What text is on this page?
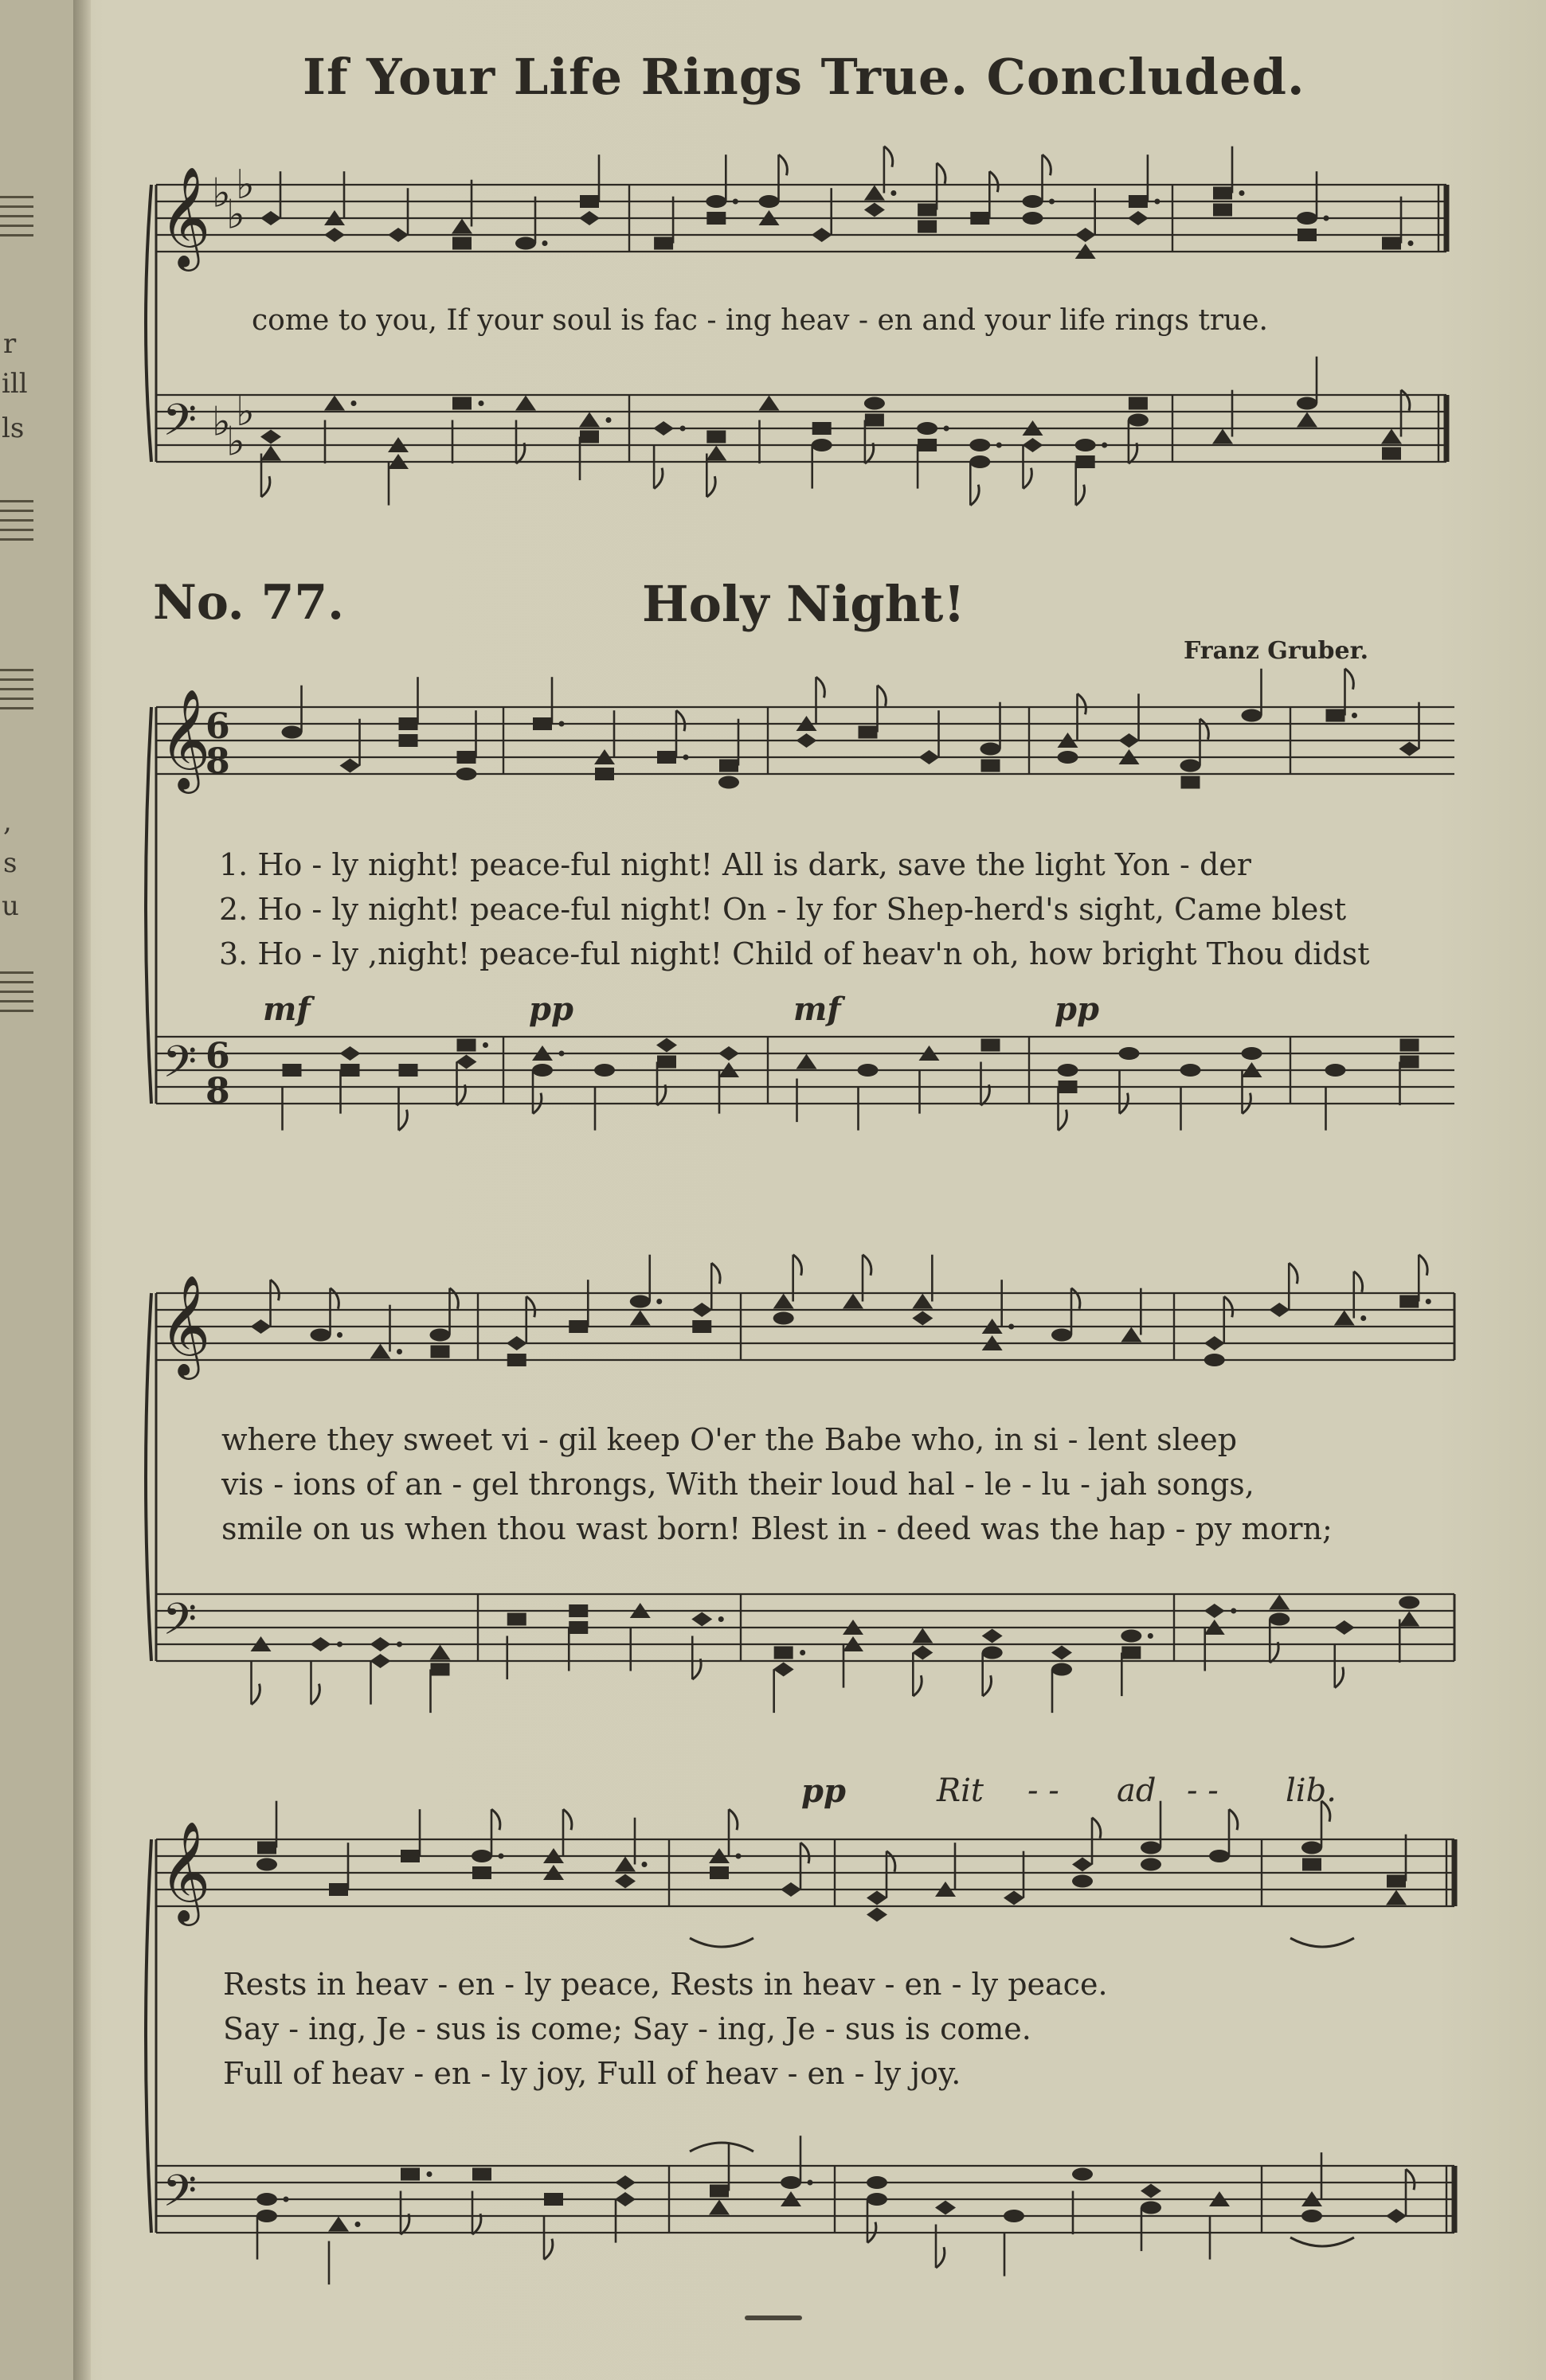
r
ill
ls
,
s
u
If Your Life Rings True. Concluded.
No. 77.	Holy Night!
Franz Gruber.
𝄞
𝄢
♭
♭
♭
♭
♭
♭
𝄞
𝄢
6
8
6
8
𝄞
𝄢
𝄞
𝄢
come to you, If your soul is fac - ing heav - en and your life rings true.
1. Ho - ly night! peace-ful night! All is dark, save the light Yon - der
2. Ho - ly night! peace-ful night! On - ly for Shep-herd's sight, Came blest
3. Ho - ly ,night! peace-ful night! Child of heav'n oh, how bright Thou didst
mf	pp	mf	pp
where they sweet vi - gil keep O'er the Babe who, in si - lent sleep
vis - ions of an - gel throngs, With their loud hal - le - lu - jah songs,
smile on us when thou wast born! Blest in - deed was the hap - py morn;
pp	Rit - - ad - - lib.
Rests in heav - en - ly peace, Rests in heav - en - ly peace.
Say - ing, Je - sus is come; Say - ing, Je - sus is come.
Full of heav - en - ly joy, Full of heav - en - ly joy.
